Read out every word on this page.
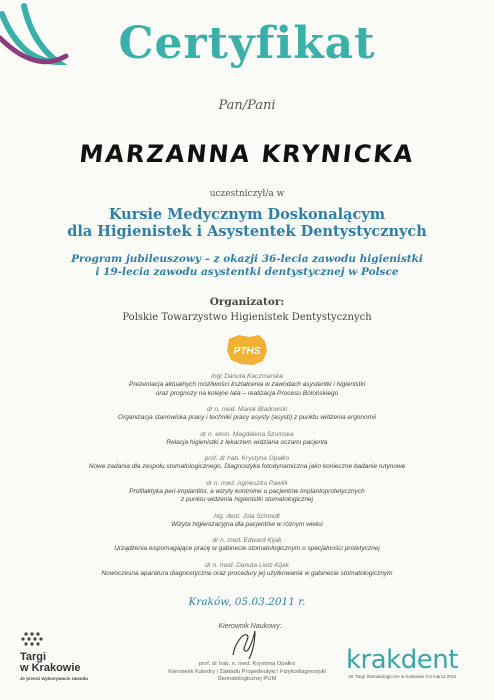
Certyfikat
Pan/Pani
MARZANNA KRYNICKA
uczestniczył/a w
Kursie Medycznym Doskonalącym
dla Higienistek i Asystentek Dentystycznych
Program jubileuszowy – z okazji 36-lecia zawodu higienistki
i 19-lecia zawodu asystentki dentystycznej w Polsce
Organizator:
Polskie Towarzystwo Higienistek Dentystycznych
PTHS
mgr Danuta Kaczmarska
Prezentacja aktualnych możliwości kształcenia w zawodach asystentki i higienistki
oraz prognozy na kolejne lata – realizacja Procesu Bolońskiego
dr n. med. Marek Bladowski
Organizacja stanowiska pracy i techniki pracy asysty (asysti) z punktu widzenia ergonomii
dr n. ekon. Magdalena Szumska
Relacja higienistki z lekarzem widziana oczami pacjenta
prof. dr hab. Krystyna Opałko
Nowe zadania dla zespołu stomatologicznego. Diagnostyka fotodynamiczna jako konieczne badanie rutynowe
dr n. med. Agnieszka Pawlik
Profilaktyka peri-implantitis, a wizyty kontrolne u pacjentów implantoprotetycznych
z punktu widzenia higienistki stomatologicznej
hig. dent. Jola Schmidt
Wizyta higienizacyjna dla pacjentów w różnym wieku
dr n. med. Edward Kijak
Urządzenia wspomagające pracę w gabinecie stomatologicznym o specjalności protetycznej
dr n. med. Danuta Lietz-Kijak
Nowoczesna aparatura diagnostyczne oraz procedury jej użytkowania w gabinecie stomatologicznym
Kraków, 05.03.2011 r.
Kierownik Naukowy:
prof. dr hab. n. med. Krystyna Opałko
Kierownik Katedry i Zakładu Propedeutyki i Fizykodiagnostyki
Stomatologicznej PUM
Targi
w Krakowie
Je przesz wykonywacie zawodu
krakdent
19. Targi Stomatologiczne w Krakowie 3-5 marca 2011
